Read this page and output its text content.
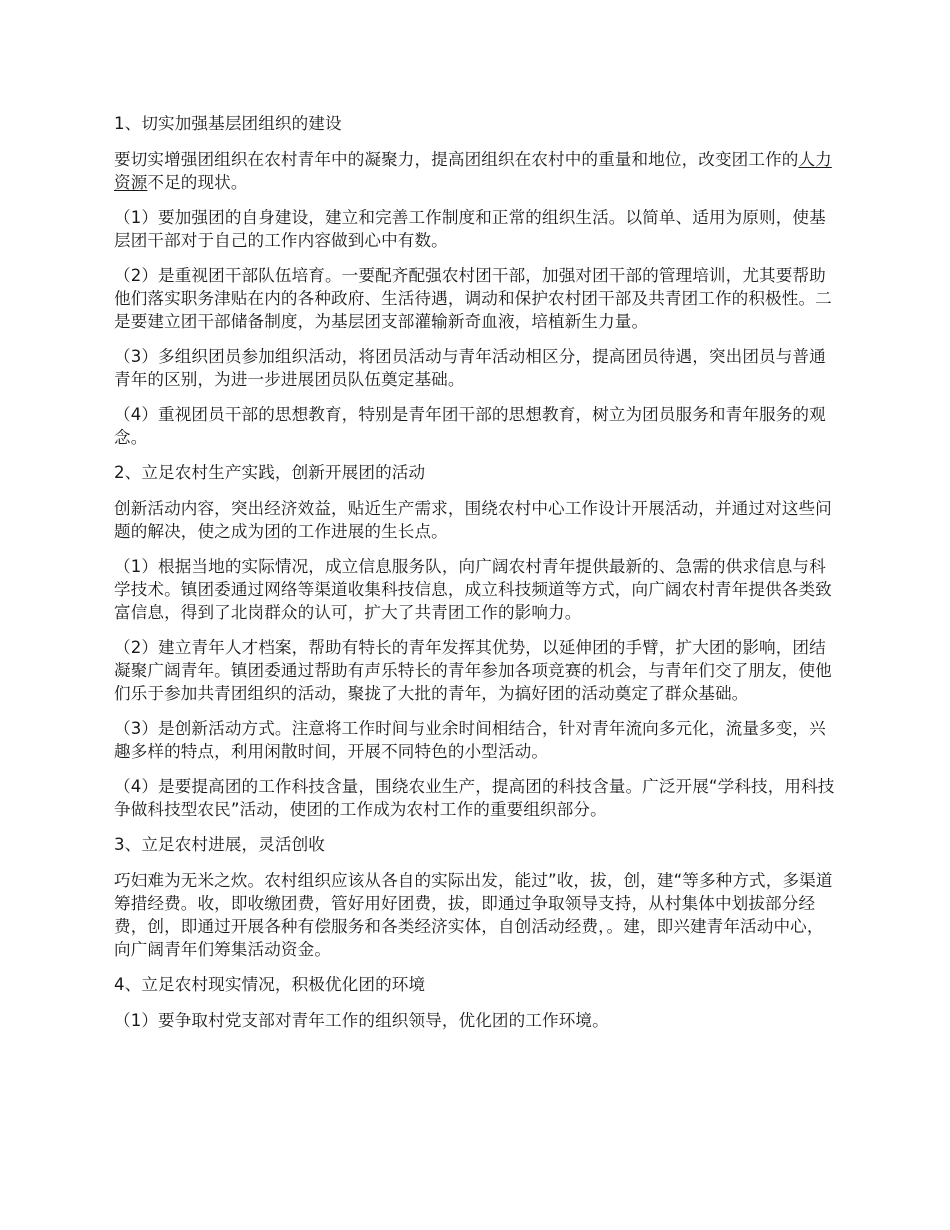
1、切实加强基层团组织的建设

要切实增强团组织在农村青年中的凝聚力，提高团组织在农村中的重量和地位，改变团工作的人力资源不足的现状。

（1）要加强团的自身建设，建立和完善工作制度和正常的组织生活。以简单、适用为原则，使基层团干部对于自己的工作内容做到心中有数。

（2）是重视团干部队伍培育。一要配齐配强农村团干部，加强对团干部的管理培训，尤其要帮助他们落实职务津贴在内的各种政府、生活待遇，调动和保护农村团干部及共青团工作的积极性。二是要建立团干部储备制度，为基层团支部灌输新奇血液，培植新生力量。

（3）多组织团员参加组织活动，将团员活动与青年活动相区分，提高团员待遇，突出团员与普通青年的区别，为进一步进展团员队伍奠定基础。

（4）重视团员干部的思想教育，特别是青年团干部的思想教育，树立为团员服务和青年服务的观念。

2、立足农村生产实践，创新开展团的活动

创新活动内容，突出经济效益，贴近生产需求，围绕农村中心工作设计开展活动，并通过对这些问题的解决，使之成为团的工作进展的生长点。

（1）根据当地的实际情况，成立信息服务队，向广阔农村青年提供最新的、急需的供求信息与科学技术。镇团委通过网络等渠道收集科技信息，成立科技频道等方式，向广阔农村青年提供各类致富信息，得到了北岗群众的认可，扩大了共青团工作的影响力。

（2）建立青年人才档案，帮助有特长的青年发挥其优势，以延伸团的手臂，扩大团的影响，团结凝聚广阔青年。镇团委通过帮助有声乐特长的青年参加各项竞赛的机会，与青年们交了朋友，使他们乐于参加共青团组织的活动，聚拢了大批的青年，为搞好团的活动奠定了群众基础。

（3）是创新活动方式。注意将工作时间与业余时间相结合，针对青年流向多元化，流量多变，兴趣多样的特点，利用闲散时间，开展不同特色的小型活动。

（4）是要提高团的工作科技含量，围绕农业生产，提高团的科技含量。广泛开展“学科技，用科技争做科技型农民”活动，使团的工作成为农村工作的重要组织部分。

3、立足农村进展，灵活创收

巧妇难为无米之炊。农村组织应该从各自的实际出发，能过”收，拔，创，建“等多种方式，多渠道筹措经费。收，即收缴团费，管好用好团费，拔，即通过争取领导支持，从村集体中划拔部分经费，创，即通过开展各种有偿服务和各类经济实体，自创活动经费，。建，即兴建青年活动中心，向广阔青年们筹集活动资金。

4、立足农村现实情况，积极优化团的环境

（1）要争取村党支部对青年工作的组织领导，优化团的工作环境。
